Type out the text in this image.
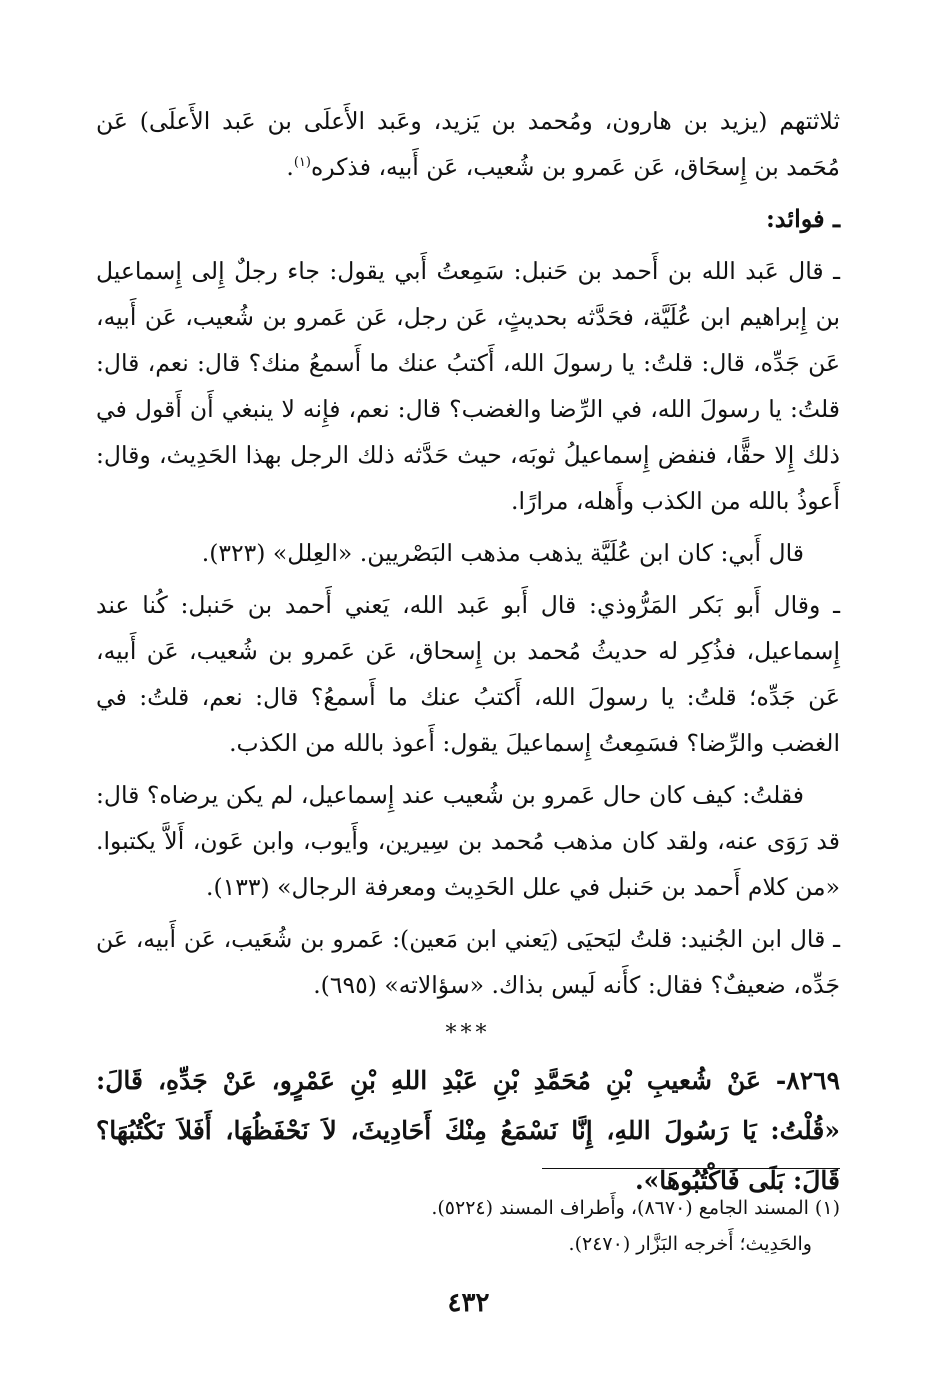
ثلاثتهم (يزيد بن هارون، ومُحمد بن يَزيد، وعَبد الأَعلَى بن عَبد الأَعلَى) عَن مُحَمد بن إِسحَاق، عَن عَمرو بن شُعيب، عَن أَبيه، فذكره$^{(١)}$.

ـ فوائد:

ـ قال عَبد الله بن أَحمد بن حَنبل: سَمِعتُ أَبي يقول: جاء رجلٌ إِلى إِسماعيل بن إِبراهيم ابن عُلَيَّة، فحَدَّثه بحديثٍ، عَن رجل، عَن عَمرو بن شُعيب، عَن أَبيه، عَن جَدِّه، قال: قلتُ: يا رسولَ الله، أَكتبُ عنك ما أَسمعُ منك؟ قال: نعم، قال: قلتُ: يا رسولَ الله، في الرِّضا والغضب؟ قال: نعم، فإِنه لا ينبغي أَن أَقول في ذلك إِلا حقًّا، فنفض إِسماعيلُ ثوبَه، حيث حَدَّثه ذلك الرجل بهذا الحَدِيث، وقال: أَعوذُ بالله من الكذب وأَهله، مرارًا.

قال أَبي: كان ابن عُلَيَّة يذهب مذهب البَصْريين. «العِلل» (٣٢٣).

ـ وقال أَبو بَكر المَرُّوذي: قال أَبو عَبد الله، يَعني أَحمد بن حَنبل: كُنا عند إِسماعيل، فذُكِر له حديثُ مُحمد بن إِسحاق، عَن عَمرو بن شُعيب، عَن أَبيه، عَن جَدِّه؛ قلتُ: يا رسولَ الله، أَكتبُ عنك ما أَسمعُ؟ قال: نعم، قلتُ: في الغضب والرِّضا؟ فسَمِعتُ إِسماعيلَ يقول: أَعوذ بالله من الكذب.

فقلتُ: كيف كان حال عَمرو بن شُعيب عند إِسماعيل، لم يكن يرضاه؟ قال: قد رَوَى عنه، ولقد كان مذهب مُحمد بن سِيرين، وأَيوب، وابن عَون، أَلاَّ يكتبوا. «من كلام أَحمد بن حَنبل في علل الحَدِيث ومعرفة الرجال» (١٣٣).

ـ قال ابن الجُنيد: قلتُ ليَحيَى (يَعني ابن مَعين): عَمرو بن شُعَيب، عَن أَبيه، عَن جَدِّه، ضعيفٌ؟ فقال: كأَنه لَيس بذاك. «سؤالاته» (٦٩٥).

***

٨٢٦٩- عَنْ شُعيبِ بْنِ مُحَمَّدِ بْنِ عَبْدِ اللهِ بْنِ عَمْرٍو، عَنْ جَدِّهِ، قَالَ: «قُلْتُ: يَا رَسُولَ اللهِ، إِنَّا نَسْمَعُ مِنْكَ أَحَادِيثَ، لاَ نَحْفَظُهَا، أَفَلاَ نَكْتُبُهَا؟ قَالَ: بَلَى فَاكْتُبُوهَا».

(١) المسند الجامع (٨٦٧٠)، وأَطراف المسند (٥٢٢٤).

والحَدِيث؛ أَخرجه البَزَّار (٢٤٧٠).

٤٣٢
